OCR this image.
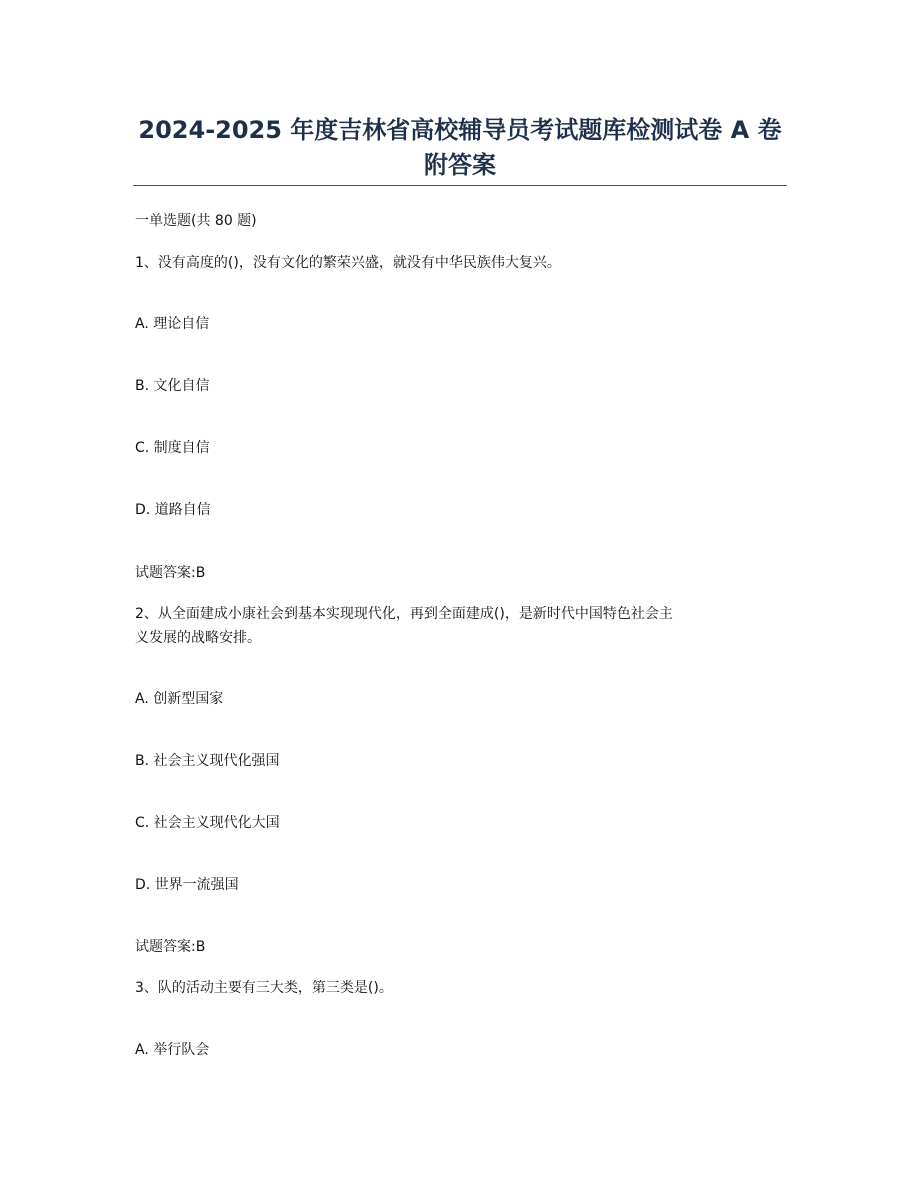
2024-2025 年度吉林省高校辅导员考试题库检测试卷 A 卷
附答案
一单选题(共 80 题)
1、没有高度的()，没有文化的繁荣兴盛，就没有中华民族伟大复兴。
A. 理论自信
B. 文化自信
C. 制度自信
D. 道路自信
试题答案:B
2、从全面建成小康社会到基本实现现代化，再到全面建成()，是新时代中国特色社会主
义发展的战略安排。
A. 创新型国家
B. 社会主义现代化强国
C. 社会主义现代化大国
D. 世界一流强国
试题答案:B
3、队的活动主要有三大类，第三类是()。
A. 举行队会
